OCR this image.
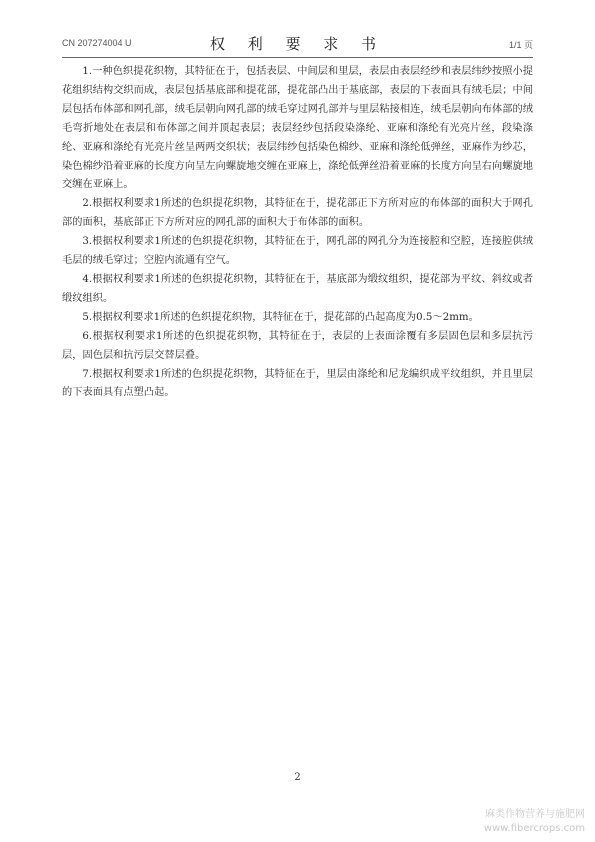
CN 207274004 U	权 利 要 求 书	1/1 页

1.一种色织提花织物，其特征在于，包括表层、中间层和里层，表层由表层经纱和表层纬纱按照小提花组织结构交织而成，表层包括基底部和提花部，提花部凸出于基底部，表层的下表面具有绒毛层；中间层包括布体部和网孔部，绒毛层朝向网孔部的绒毛穿过网孔部并与里层粘接相连，绒毛层朝向布体部的绒毛弯折地处在表层和布体部之间并顶起表层；表层经纱包括段染涤纶、亚麻和涤纶有光亮片丝，段染涤纶、亚麻和涤纶有光亮片丝呈两两交织状；表层纬纱包括染色棉纱、亚麻和涤纶低弹丝，亚麻作为纱芯，染色棉纱沿着亚麻的长度方向呈左向螺旋地交缠在亚麻上，涤纶低弹丝沿着亚麻的长度方向呈右向螺旋地交缠在亚麻上。

2.根据权利要求1所述的色织提花织物，其特征在于，提花部正下方所对应的布体部的面积大于网孔部的面积，基底部正下方所对应的网孔部的面积大于布体部的面积。

3.根据权利要求1所述的色织提花织物，其特征在于，网孔部的网孔分为连接腔和空腔，连接腔供绒毛层的绒毛穿过；空腔内流通有空气。

4.根据权利要求1所述的色织提花织物，其特征在于，基底部为缎纹组织，提花部为平纹、斜纹或者缎纹组织。

5.根据权利要求1所述的色织提花织物，其特征在于，提花部的凸起高度为0.5～2mm。

6.根据权利要求1所述的色织提花织物，其特征在于，表层的上表面涂覆有多层固色层和多层抗污层，固色层和抗污层交替层叠。

7.根据权利要求1所述的色织提花织物，其特征在于，里层由涤纶和尼龙编织成平纹组织，并且里层的下表面具有点塑凸起。

2
麻类作物营养与施肥网
www.fibercrops.com
